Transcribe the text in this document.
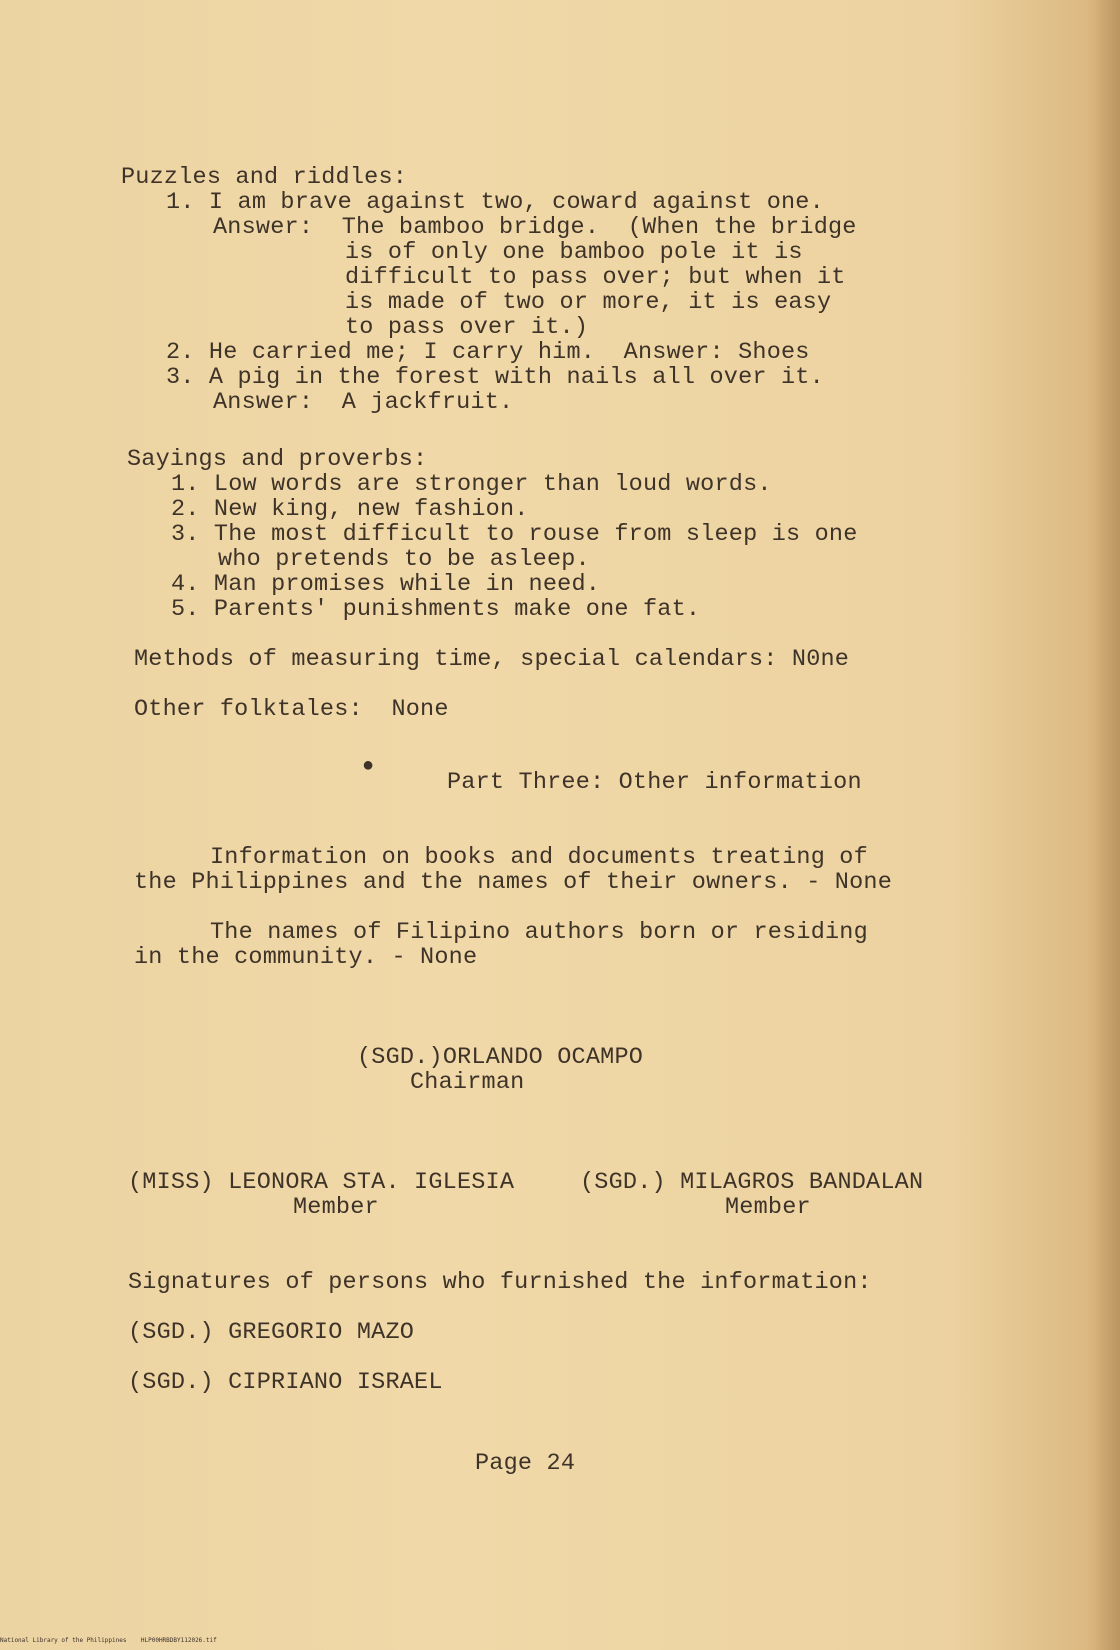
Puzzles and riddles:
1. I am brave against two, coward against one.
Answer:  The bamboo bridge.  (When the bridge
is of only one bamboo pole it is
difficult to pass over; but when it
is made of two or more, it is easy
to pass over it.)
2. He carried me; I carry him.  Answer: Shoes
3. A pig in the forest with nails all over it.
Answer:  A jackfruit.
Sayings and proverbs:
1. Low words are stronger than loud words.
2. New king, new fashion.
3. The most difficult to rouse from sleep is one
who pretends to be asleep.
4. Man promises while in need.
5. Parents' punishments make one fat.
Methods of measuring time, special calendars: N0ne
Other folktales:  None
●
Part Three: Other information
Information on books and documents treating of
the Philippines and the names of their owners. - None
The names of Filipino authors born or residing
in the community. - None
(SGD.)ORLANDO OCAMPO
Chairman
(MISS) LEONORA STA. IGLESIA
Member
(SGD.) MILAGROS BANDALAN
Member
Signatures of persons who furnished the information:
(SGD.) GREGORIO MAZO
(SGD.) CIPRIANO ISRAEL
Page 24
National Library of the Philippines    HLP00HRBDBY112026.tif
